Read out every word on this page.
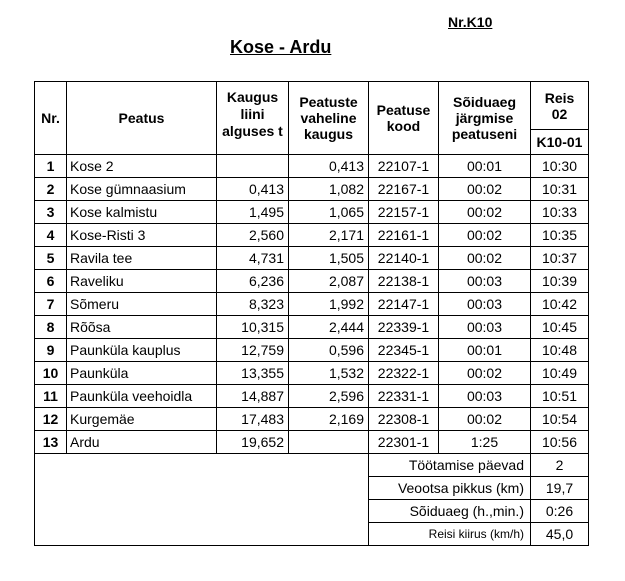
Nr.K10
Kose - Ardu
Nr.	Peatus	Kaugus liini alguses t	Peatuste vaheline kaugus	Peatuse kood	Sõiduaeg järgmise peatuseni	Reis
02

						K10-01
1	Kose 2		0,413	22107-1	00:01	10:30
2	Kose gümnaasium	0,413	1,082	22167-1	00:02	10:31
3	Kose kalmistu	1,495	1,065	22157-1	00:02	10:33
4	Kose-Risti 3	2,560	2,171	22161-1	00:02	10:35
5	Ravila tee	4,731	1,505	22140-1	00:02	10:37
6	Raveliku	6,236	2,087	22138-1	00:03	10:39
7	Sõmeru	8,323	1,992	22147-1	00:03	10:42
8	Rõõsa	10,315	2,444	22339-1	00:03	10:45
9	Paunküla kauplus	12,759	0,596	22345-1	00:01	10:48
10	Paunküla	13,355	1,532	22322-1	00:02	10:49
11	Paunküla veehoidla	14,887	2,596	22331-1	00:03	10:51
12	Kurgemäe	17,483	2,169	22308-1	00:02	10:54
13	Ardu	19,652		22301-1	1:25	10:56
				Töötamise päevad		2
				Veootsa pikkus (km)		19,7
				Sõiduaeg (h.,min.)		0:26
				Reisi kiirus (km/h)		45,0
